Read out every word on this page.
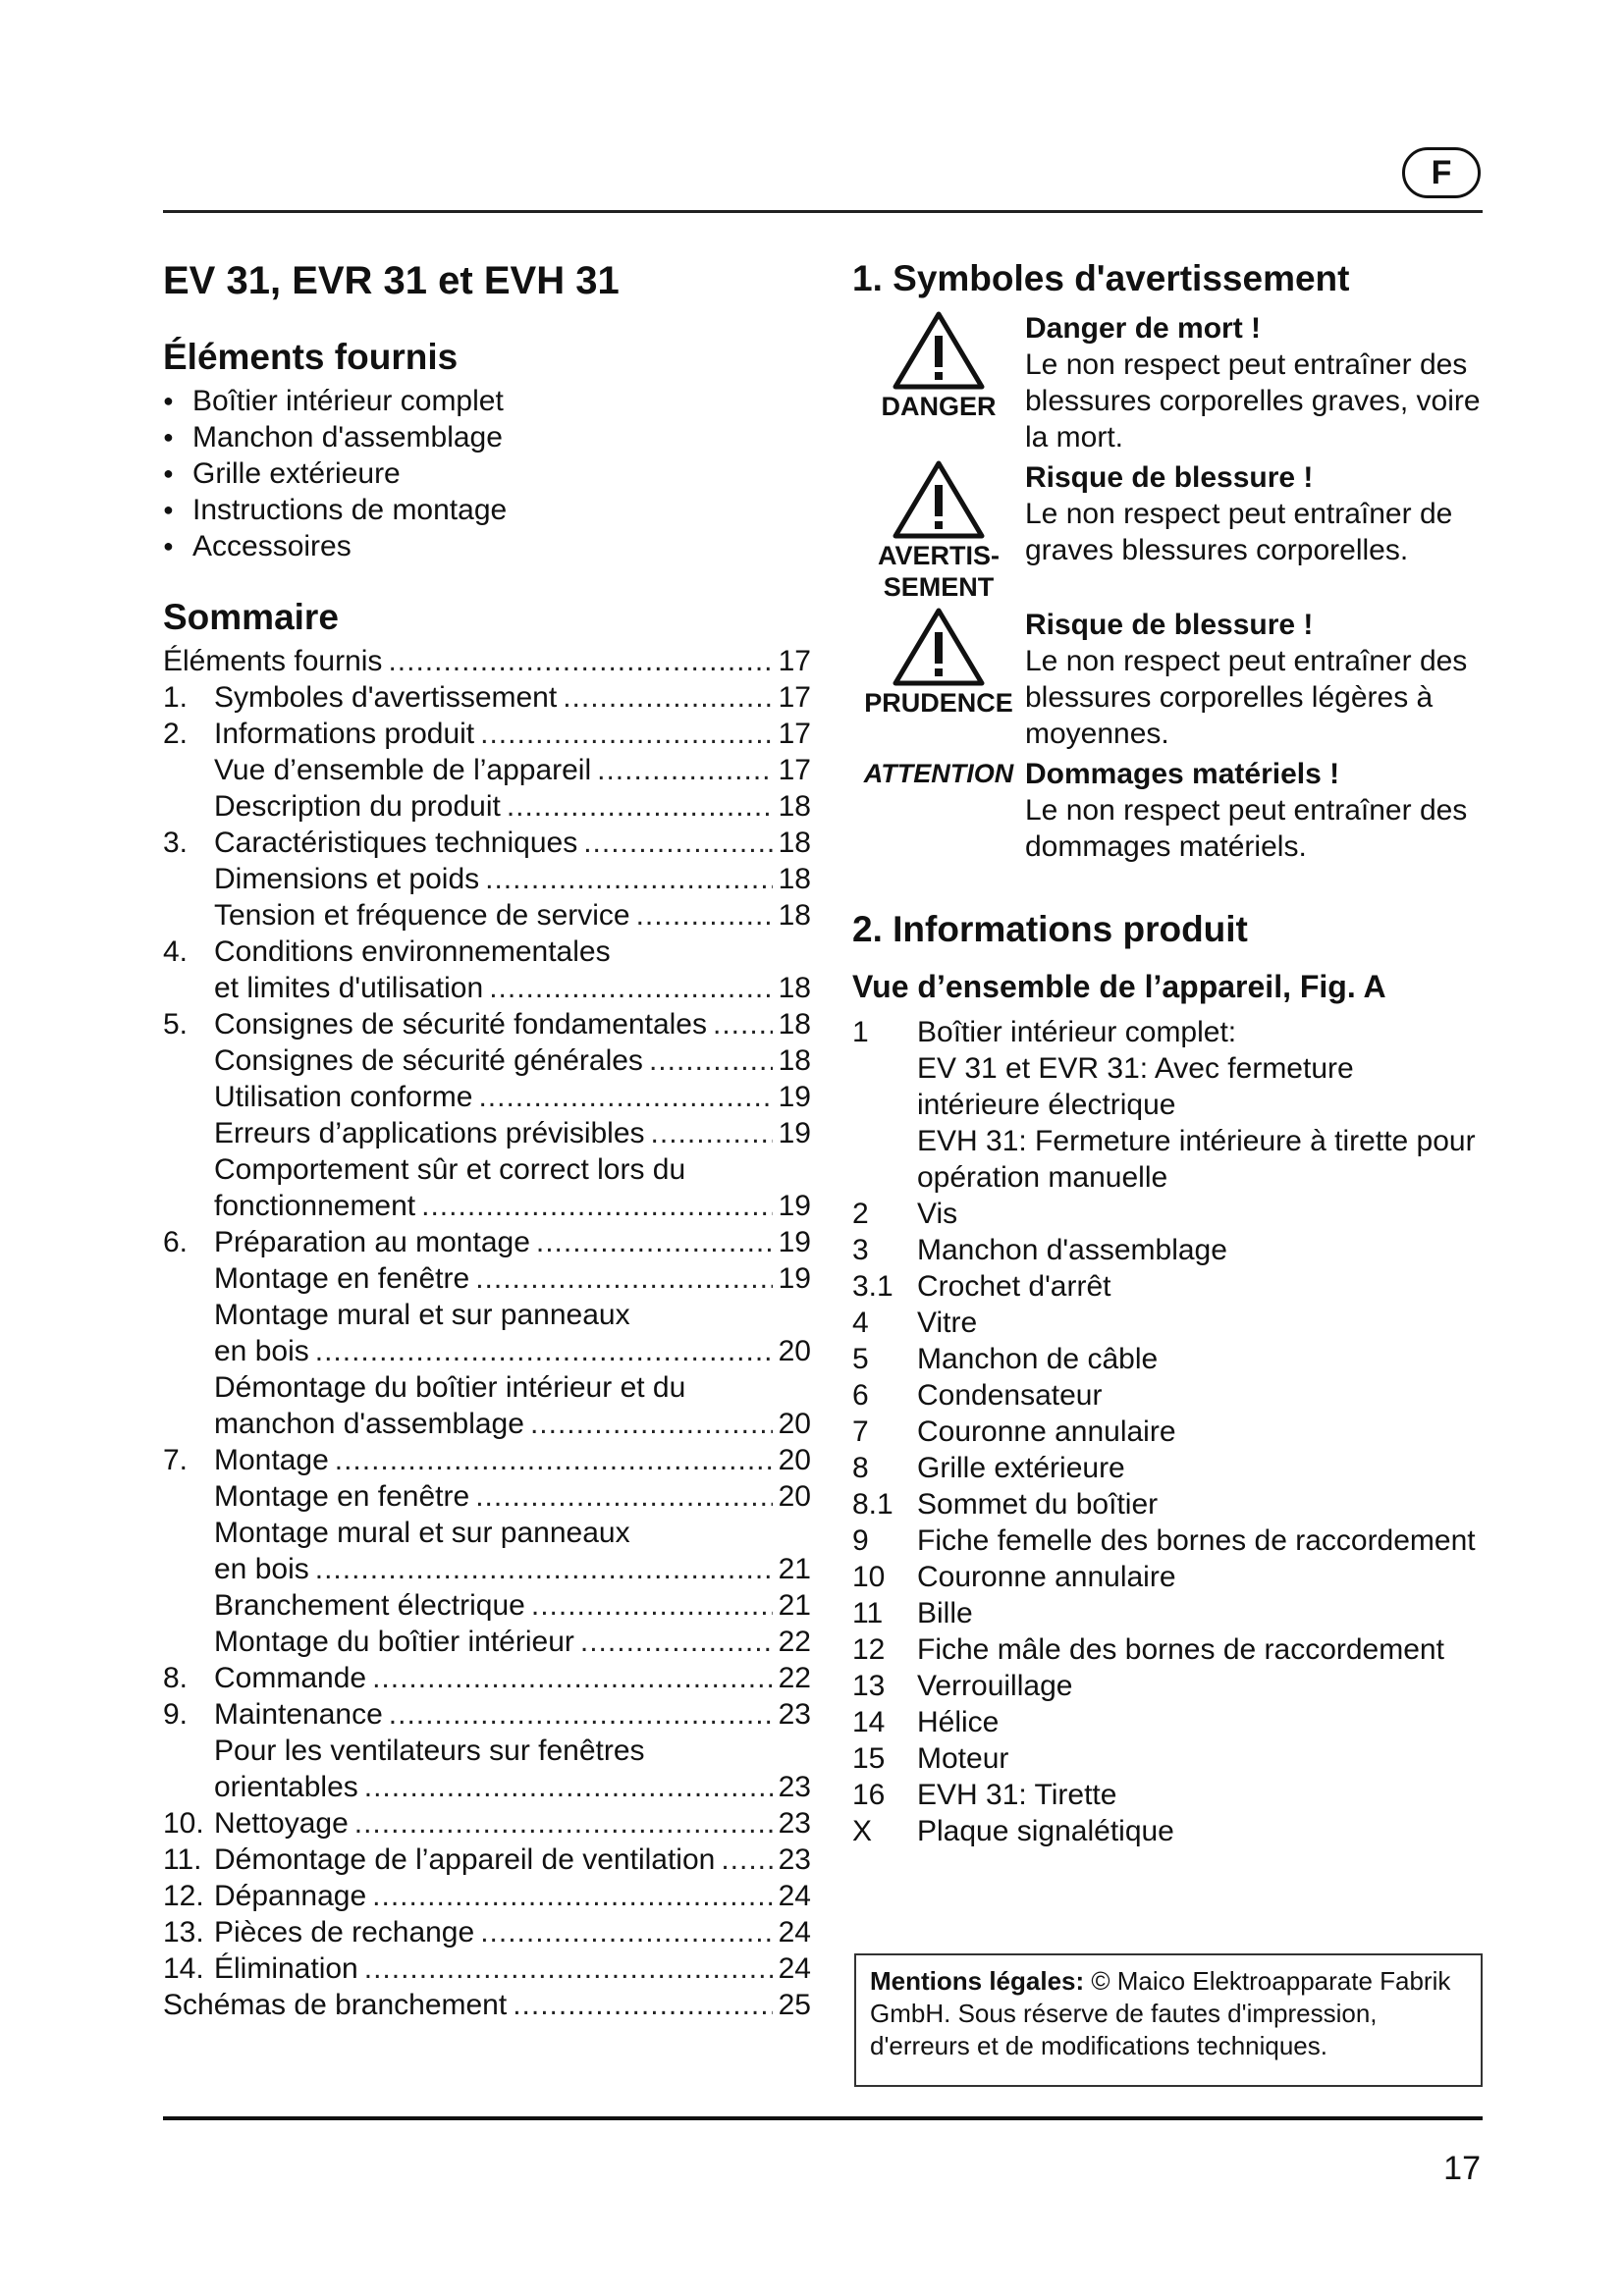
F
EV 31, EVR 31 et EVH 31
Éléments fournis
● Boîtier intérieur complet
● Manchon d'assemblage
● Grille extérieure
● Instructions de montage
● Accessoires
Sommaire
Éléments fournis .....	17
1. Symboles d'avertissement .....	17
2. Informations produit .....	17
Vue d’ensemble de l’appareil .....	17
Description du produit .....	18
3. Caractéristiques techniques .....	18
Dimensions et poids .....	18
Tension et fréquence de service .....	18
4. Conditions environnementales
et limites d'utilisation .....	18
5. Consignes de sécurité fondamentales ..... 18
Consignes de sécurité générales .....	18
Utilisation conforme .....	19
Erreurs d’applications prévisibles .....	19
Comportement sûr et correct lors du
fonctionnement .....	19
6. Préparation au montage .....	19
Montage en fenêtre .....	19
Montage mural et sur panneaux
en bois .....	20
Démontage du boîtier intérieur et du
manchon d'assemblage .....	20
7. Montage .....	20
Montage en fenêtre .....	20
Montage mural et sur panneaux
en bois .....	21
Branchement électrique .....	21
Montage du boîtier intérieur .....	22
8. Commande .....	22
9. Maintenance .....	23
Pour les ventilateurs sur fenêtres
orientables .....	23
10. Nettoyage .....	23
11. Démontage de l’appareil de ventilation ..... 23
12. Dépannage .....	24
13. Pièces de rechange .....	24
14. Élimination .....	24
Schémas de branchement .....	25
1. Symboles d'avertissement
DANGER
Danger de mort !
Le non respect peut entraîner des blessures corporelles graves, voire la mort.
AVERTIS-SEMENT
Risque de blessure !
Le non respect peut entraîner de graves blessures corporelles.
PRUDENCE
Risque de blessure !
Le non respect peut entraîner des blessures corporelles légères à moyennes.
ATTENTION Dommages matériels !
Le non respect peut entraîner des dommages matériels.
2. Informations produit
Vue d’ensemble de l’appareil, Fig. A
1	Boîtier intérieur complet:
EV 31 et EVR 31: Avec fermeture intérieure électrique
EVH 31: Fermeture intérieure à tirette pour opération manuelle
2	Vis
3	Manchon d'assemblage
3.1 Crochet d'arrêt
4	Vitre
5	Manchon de câble
6	Condensateur
7	Couronne annulaire
8	Grille extérieure
8.1 Sommet du boîtier
9	Fiche femelle des bornes de raccordement
10	Couronne annulaire
11	Bille
12	Fiche mâle des bornes de raccordement
13	Verrouillage
14	Hélice
15	Moteur
16	EVH 31: Tirette
X	Plaque signalétique
Mentions légales: © Maico Elektroapparate Fabrik GmbH. Sous réserve de fautes d'impression, d'erreurs et de modifications techniques.
17
